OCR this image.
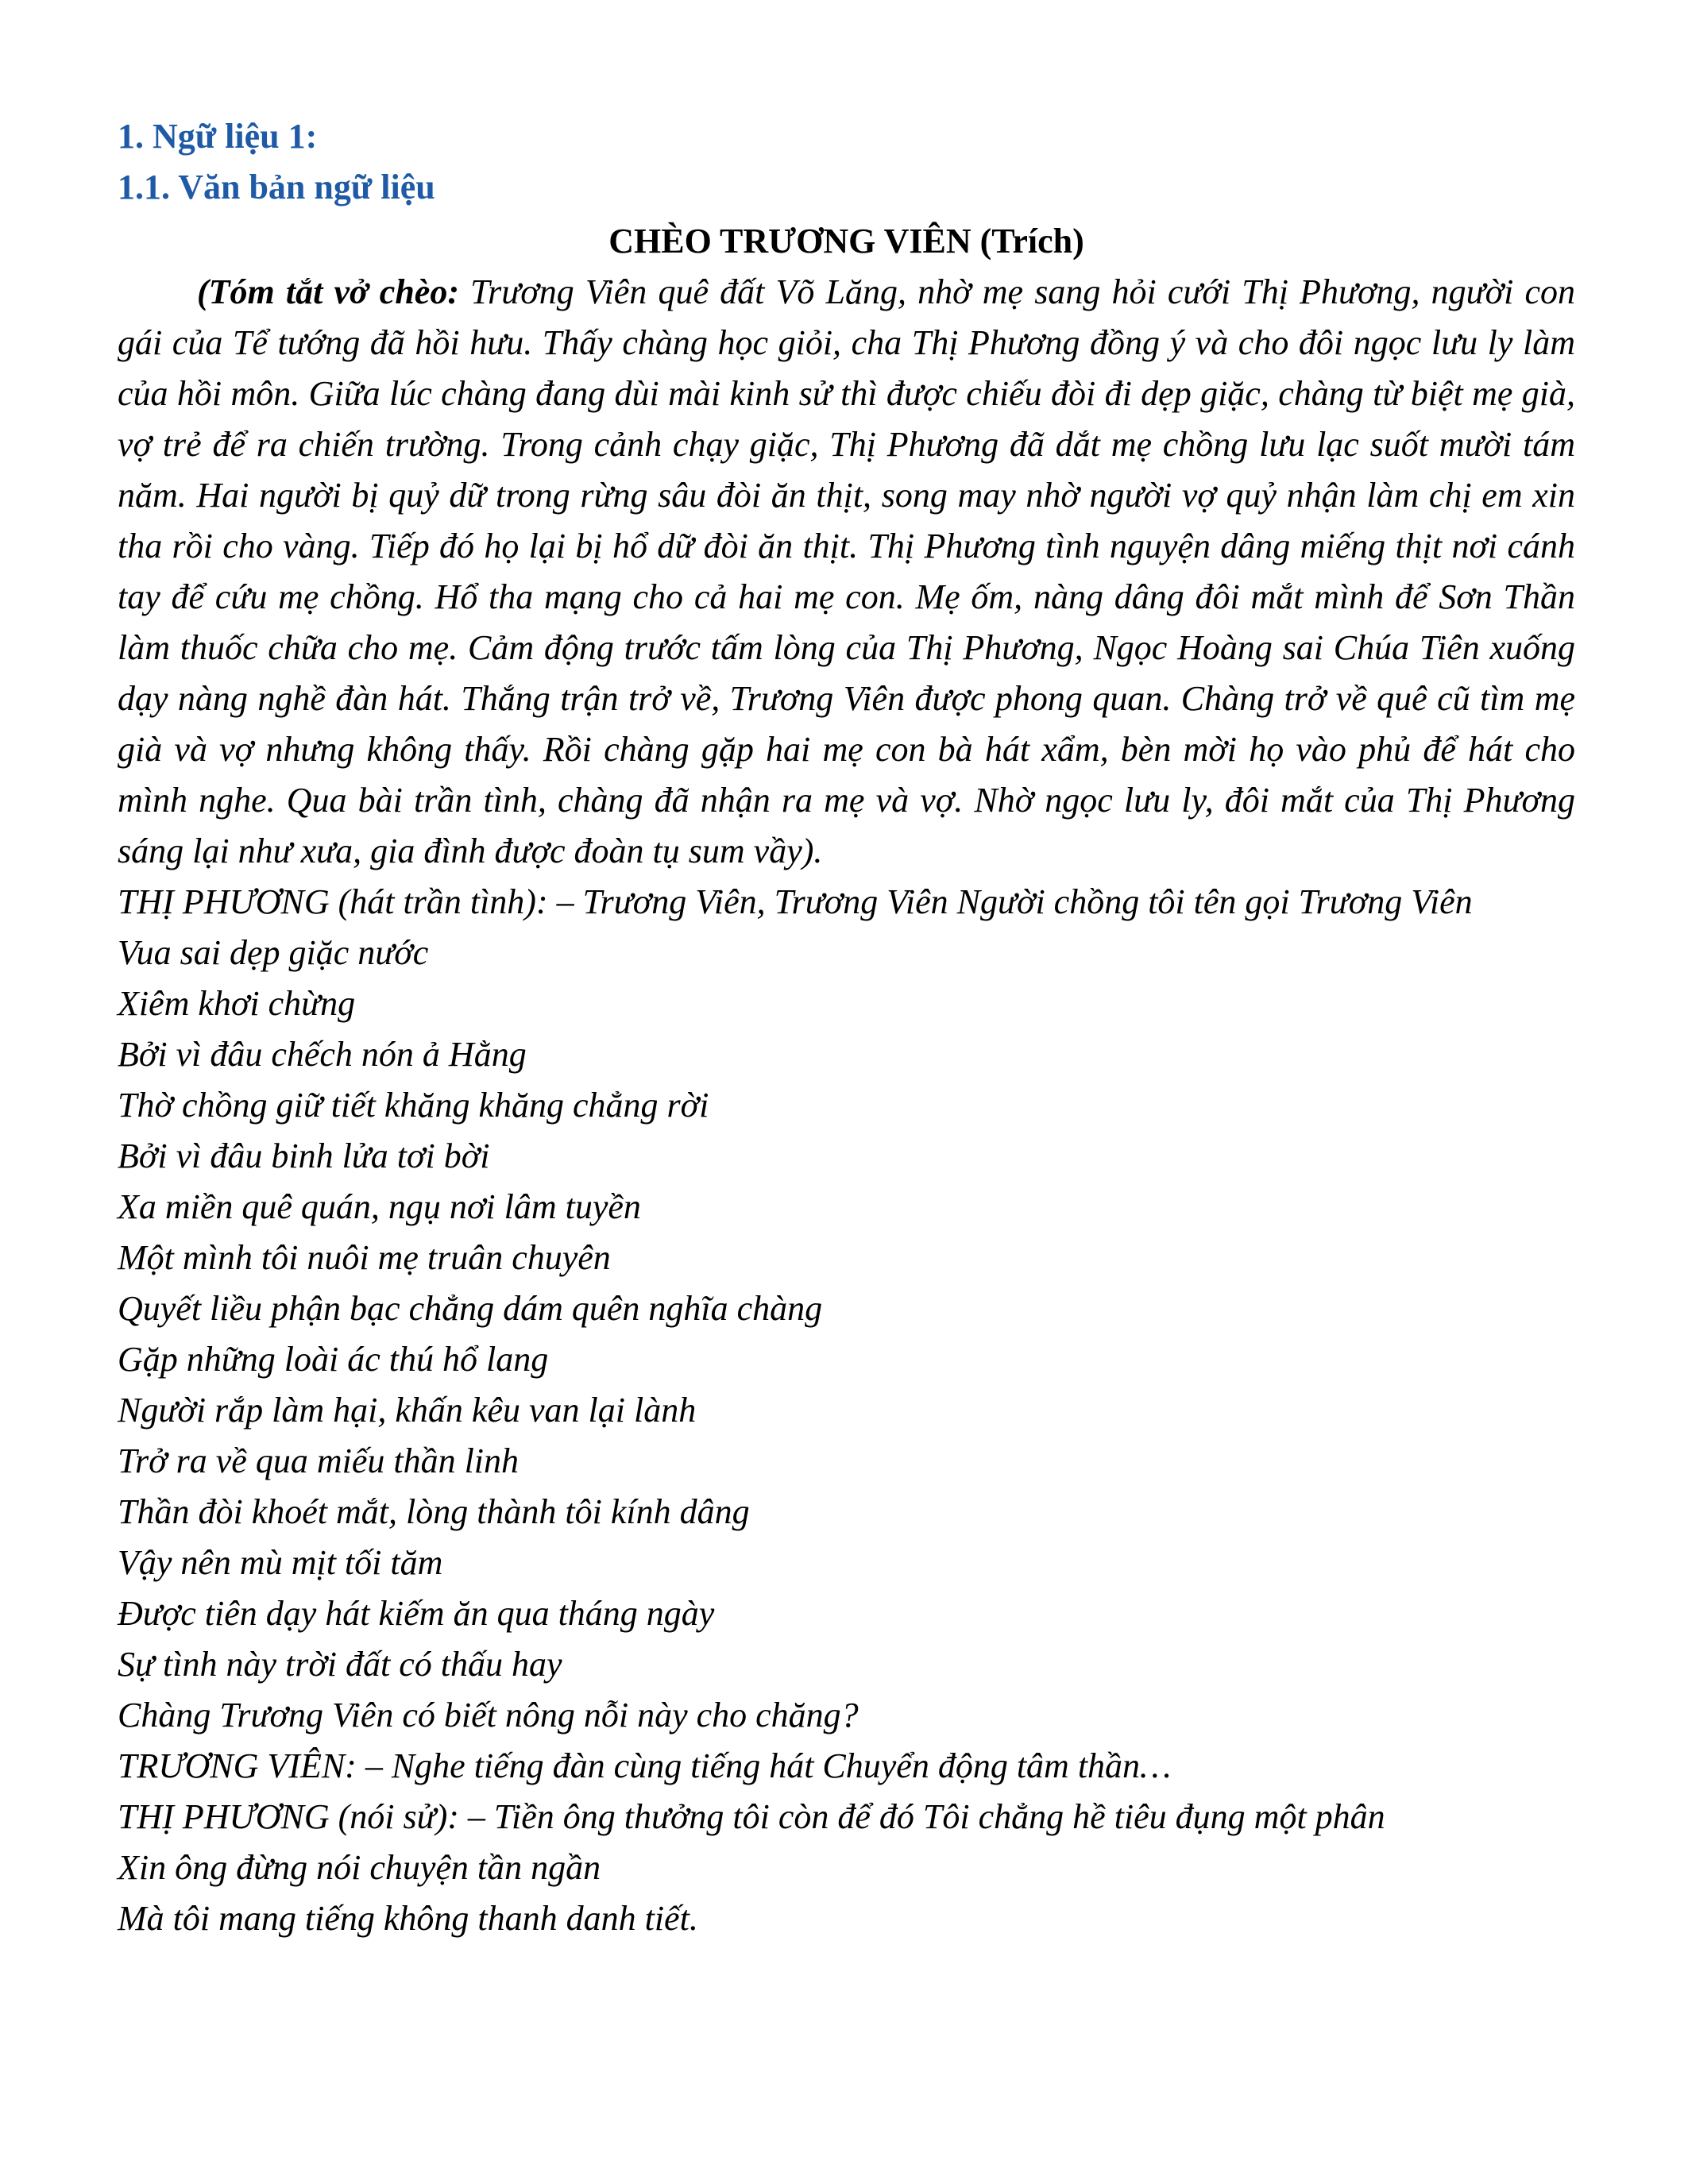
1. Ngữ liệu 1:
1.1. Văn bản ngữ liệu
CHÈO TRƯƠNG VIÊN (Trích)

(Tóm tắt vở chèo: Trương Viên quê đất Võ Lăng, nhờ mẹ sang hỏi cưới Thị Phương, người con gái của Tể tướng đã hồi hưu. Thấy chàng học giỏi, cha Thị Phương đồng ý và cho đôi ngọc lưu ly làm của hồi môn. Giữa lúc chàng đang dùi mài kinh sử thì được chiếu đòi đi dẹp giặc, chàng từ biệt mẹ già, vợ trẻ để ra chiến trường. Trong cảnh chạy giặc, Thị Phương đã dắt mẹ chồng lưu lạc suốt mười tám năm. Hai người bị quỷ dữ trong rừng sâu đòi ăn thịt, song may nhờ người vợ quỷ nhận làm chị em xin tha rồi cho vàng. Tiếp đó họ lại bị hổ dữ đòi ăn thịt. Thị Phương tình nguyện dâng miếng thịt nơi cánh tay để cứu mẹ chồng. Hổ tha mạng cho cả hai mẹ con. Mẹ ốm, nàng dâng đôi mắt mình để Sơn Thần làm thuốc chữa cho mẹ. Cảm động trước tấm lòng của Thị Phương, Ngọc Hoàng sai Chúa Tiên xuống dạy nàng nghề đàn hát. Thắng trận trở về, Trương Viên được phong quan. Chàng trở về quê cũ tìm mẹ già và vợ nhưng không thấy. Rồi chàng gặp hai mẹ con bà hát xẩm, bèn mời họ vào phủ để hát cho mình nghe. Qua bài trần tình, chàng đã nhận ra mẹ và vợ. Nhờ ngọc lưu ly, đôi mắt của Thị Phương sáng lại như xưa, gia đình được đoàn tụ sum vầy).

THỊ PHƯƠNG (hát trần tình): – Trương Viên, Trương Viên Người chồng tôi tên gọi Trương Viên
Vua sai dẹp giặc nước
Xiêm khơi chừng
Bởi vì đâu chếch nón ả Hằng
Thờ chồng giữ tiết khăng khăng chẳng rời
Bởi vì đâu binh lửa tơi bời
Xa miền quê quán, ngụ nơi lâm tuyền
Một mình tôi nuôi mẹ truân chuyên
Quyết liều phận bạc chẳng dám quên nghĩa chàng
Gặp những loài ác thú hổ lang
Người rắp làm hại, khấn kêu van lại lành
Trở ra về qua miếu thần linh
Thần đòi khoét mắt, lòng thành tôi kính dâng
Vậy nên mù mịt tối tăm
Được tiên dạy hát kiếm ăn qua tháng ngày
Sự tình này trời đất có thấu hay
Chàng Trương Viên có biết nông nỗi này cho chăng?
TRƯƠNG VIÊN: – Nghe tiếng đàn cùng tiếng hát Chuyển động tâm thần…
THỊ PHƯƠNG (nói sử): – Tiền ông thưởng tôi còn để đó Tôi chẳng hề tiêu đụng một phân
Xin ông đừng nói chuyện tần ngần
Mà tôi mang tiếng không thanh danh tiết.
